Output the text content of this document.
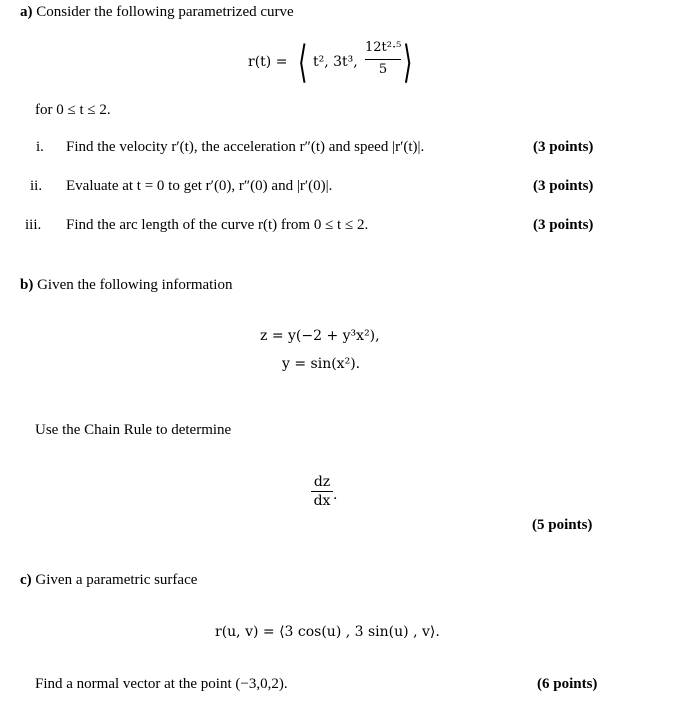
a) Consider the following parametrized curve
r(t) = ⟨ t², 3t³,
12t²·⁵
5 ⟩
for 0 ≤ t ≤ 2.
i. Find the velocity r′(t), the acceleration r″(t) and speed |r′(t)|.	(3 points)
ii. Evaluate at t = 0 to get r′(0), r″(0) and |r′(0)|.	(3 points)
iii. Find the arc length of the curve r(t) from 0 ≤ t ≤ 2.	(3 points)
b) Given the following information
z = y(−2 + y³x²),
y = sin(x²).
Use the Chain Rule to determine
dz
dx .
(5 points)
c) Given a parametric surface
r(u, v) = ⟨3 cos(u) , 3 sin(u) , v⟩.
Find a normal vector at the point (−3,0,2).	(6 points)
